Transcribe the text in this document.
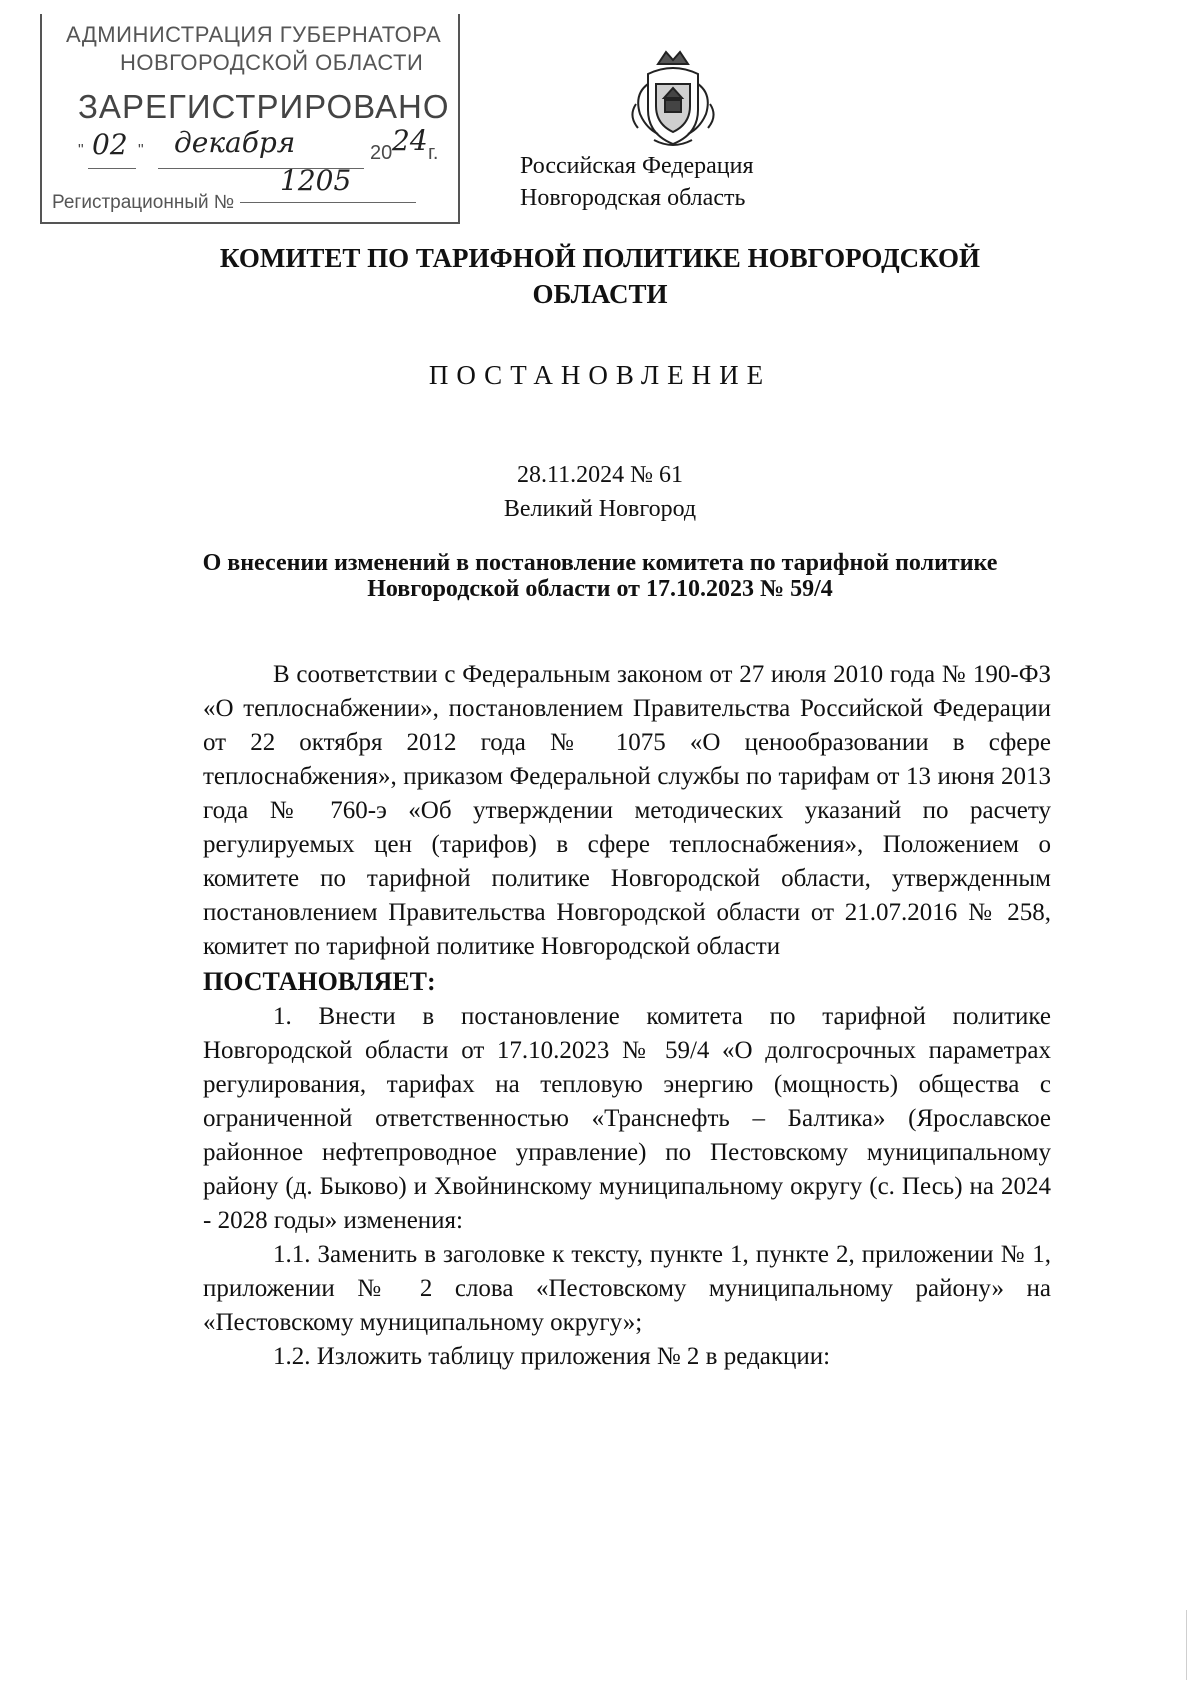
АДМИНИСТРАЦИЯ ГУБЕРНАТОРА
НОВГОРОДСКОЙ ОБЛАСТИ
ЗАРЕГИСТРИРОВАНО
" 02 " декабря	20 24 г.
Регистрационный №
1205	Российская Федерация
Новгородская область
КОМИТЕТ ПО ТАРИФНОЙ ПОЛИТИКЕ НОВГОРОДСКОЙ ОБЛАСТИ
ПОСТАНОВЛЕНИЕ
28.11.2024 № 61
Великий Новгород
О внесении изменений в постановление комитета по тарифной политике
Новгородской области от 17.10.2023 № 59/4

В соответствии с Федеральным законом от 27 июля 2010 года № 190-ФЗ «О теплоснабжении», постановлением Правительства Российской Федерации от 22 октября 2012 года № 1075 «О ценообразовании в сфере теплоснабжения», приказом Федеральной службы по тарифам от 13 июня 2013 года № 760-э «Об утверждении методических указаний по расчету регулируемых цен (тарифов) в сфере теплоснабжения», Положением о комитете по тарифной политике Новгородской области, утвержденным постановлением Правительства Новгородской области от 21.07.2016 № 258, комитет по тарифной политике Новгородской области

ПОСТАНОВЛЯЕТ:

1. Внести в постановление комитета по тарифной политике Новгородской области от 17.10.2023 № 59/4 «О долгосрочных параметрах регулирования, тарифах на тепловую энергию (мощность) общества с ограниченной ответственностью «Транснефть – Балтика» (Ярославское районное нефтепроводное управление) по Пестовскому муниципальному району (д. Быково) и Хвойнинскому муниципальному округу (с. Песь) на 2024 - 2028 годы» изменения:

1.1. Заменить в заголовке к тексту, пункте 1, пункте 2, приложении № 1, приложении № 2 слова «Пестовскому муниципальному району» на «Пестовскому муниципальному округу»;

1.2. Изложить таблицу приложения № 2 в редакции:
